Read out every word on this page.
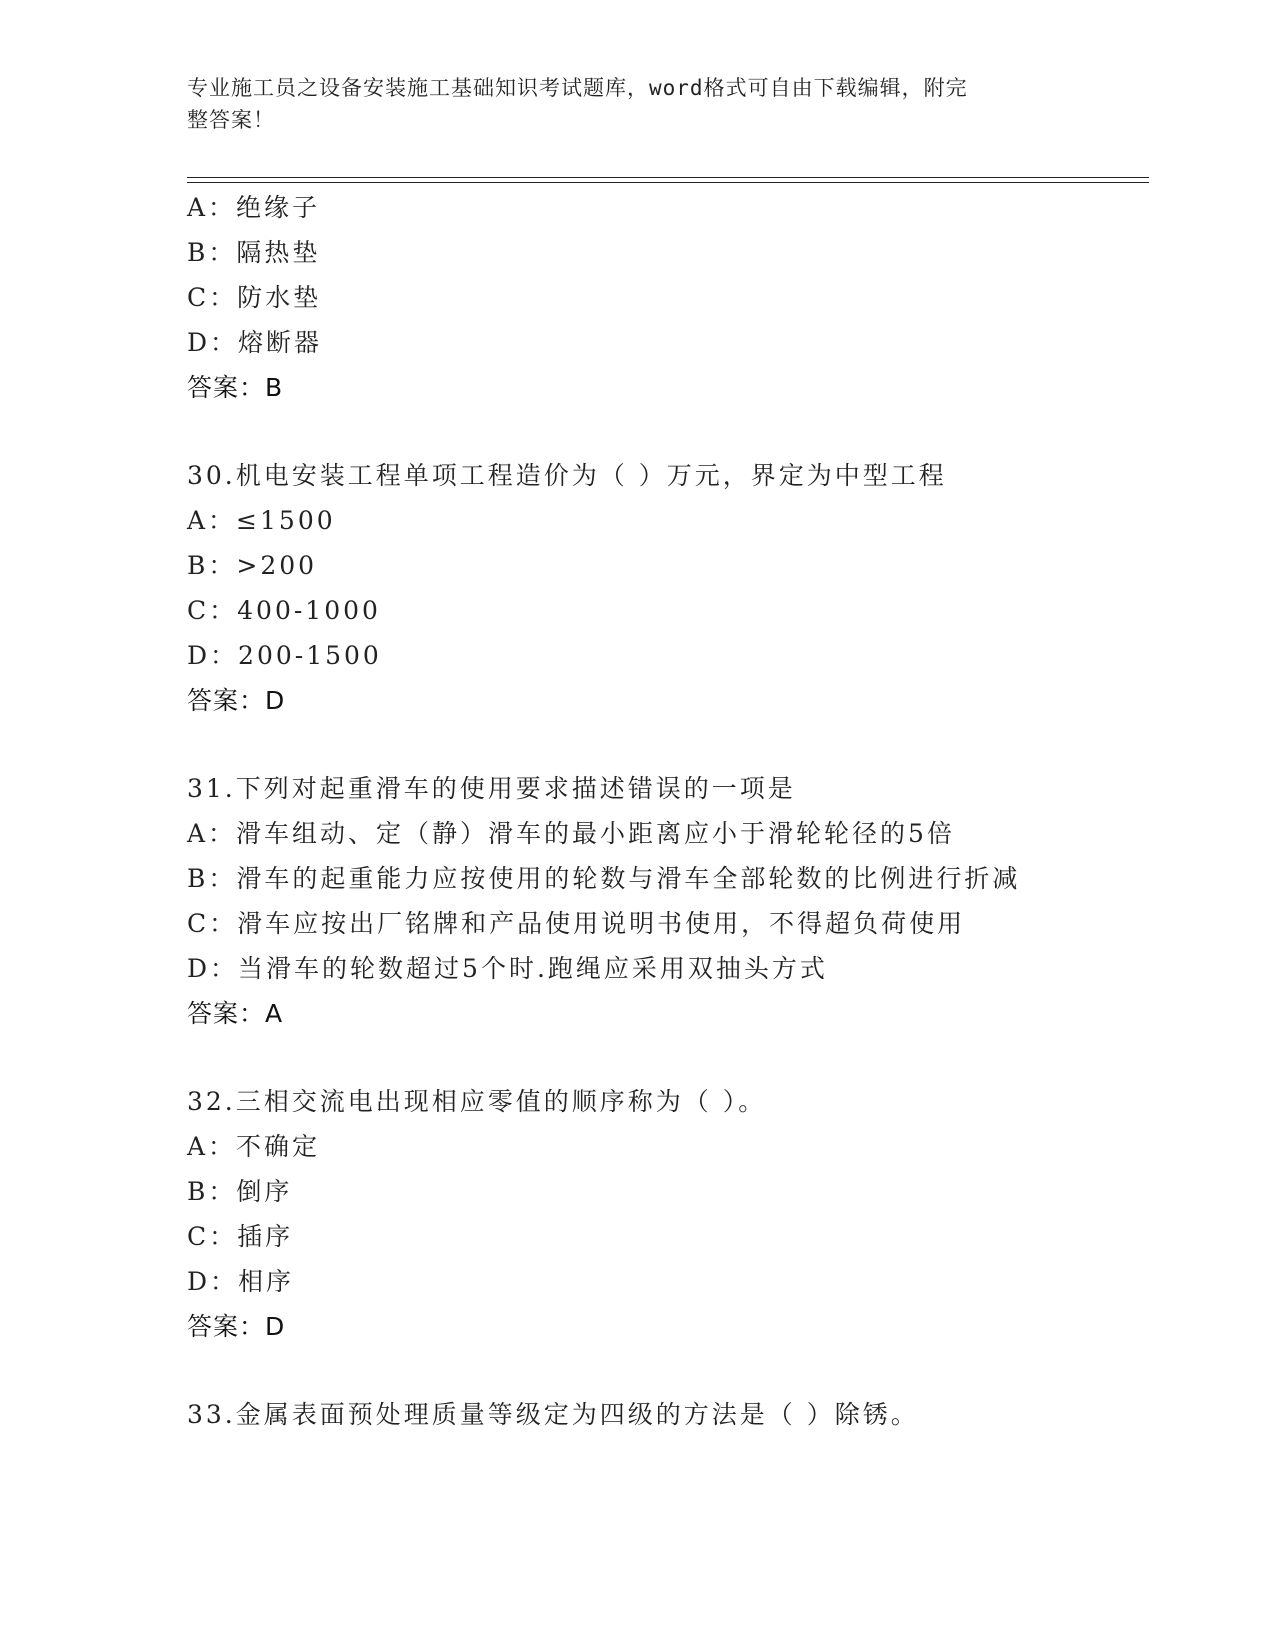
专业施工员之设备安装施工基础知识考试题库，word格式可自由下载编辑，附完
整答案！
A：绝缘子
B：隔热垫
C：防水垫
D：熔断器
答案：B
30.机电安装工程单项工程造价为（ ）万元，界定为中型工程
A：≤1500
B：>200
C：400-1000
D：200-1500
答案：D
31.下列对起重滑车的使用要求描述错误的一项是
A：滑车组动、定（静）滑车的最小距离应小于滑轮轮径的5倍
B：滑车的起重能力应按使用的轮数与滑车全部轮数的比例进行折减
C：滑车应按出厂铭牌和产品使用说明书使用，不得超负荷使用
D：当滑车的轮数超过5个时.跑绳应采用双抽头方式
答案：A
32.三相交流电出现相应零值的顺序称为（ ）。
A：不确定
B：倒序
C：插序
D：相序
答案：D
33.金属表面预处理质量等级定为四级的方法是（ ）除锈。
